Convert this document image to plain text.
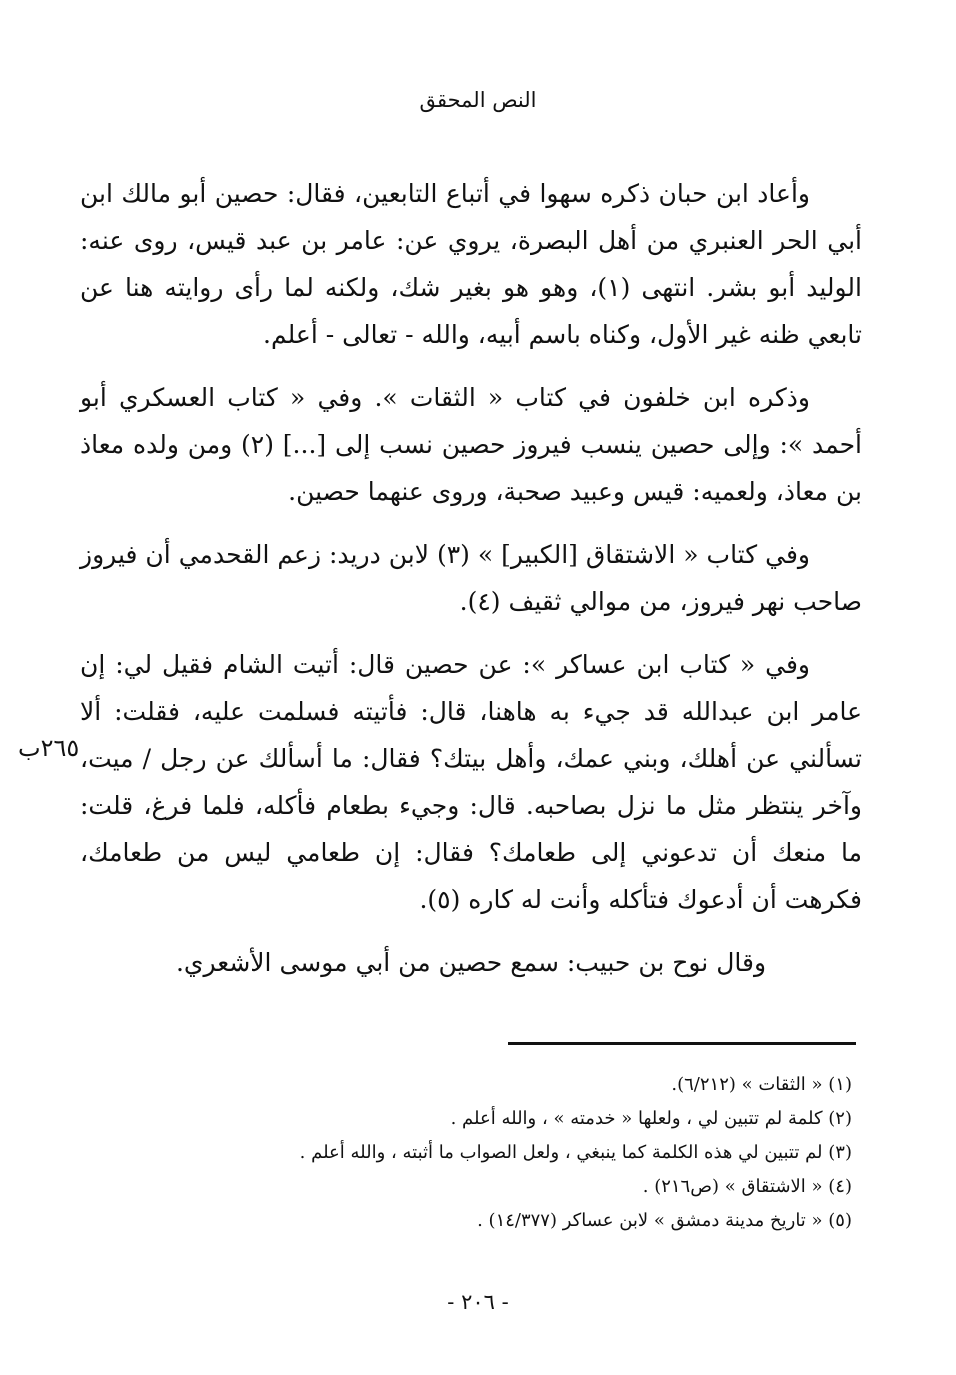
النص المحقق

وأعاد ابن حبان ذكره سهوا في أتباع التابعين، فقال: حصين أبو مالك ابن أبي الحر العنبري من أهل البصرة، يروي عن: عامر بن عبد قيس، روى عنه: الوليد أبو بشر. انتهى (١)، وهو هو بغير شك، ولكنه لما رأى روايته هنا عن تابعي ظنه غير الأول، وكناه باسم أبيه، والله - تعالى - أعلم.

وذكره ابن خلفون في كتاب « الثقات ». وفي « كتاب العسكري أبو أحمد »: وإلى حصين ينسب فيروز حصين نسب إلى [...] (٢) ومن ولده معاذ بن معاذ، ولعميه: قيس وعبيد صحبة، وروى عنهما حصين.

وفي كتاب « الاشتقاق [الكبير] » (٣) لابن دريد: زعم القحدمي أن فيروز صاحب نهر فيروز، من موالي ثقيف (٤).

وفي « كتاب ابن عساكر »: عن حصين قال: أتيت الشام فقيل لي: إن عامر ابن عبدالله قد جيء به هاهنا، قال: فأتيته فسلمت عليه، فقلت: ألا تسألني عن أهلك، وبني عمك، وأهل بيتك؟ فقال: ما أسألك عن رجل / ميت، وآخر ينتظر مثل ما نزل بصاحبه. قال: وجيء بطعام فأكله، فلما فرغ، قلت: ما منعك أن تدعوني إلى طعامك؟ فقال: إن طعامي ليس من طعامك، فكرهت أن أدعوك فتأكله وأنت له كاره (٥).

وقال نوح بن حبيب: سمع حصين من أبي موسى الأشعري.

٢٦٥ب
(١) « الثقات » (٦/٢١٢).
(٢) كلمة لم تتبين لي ، ولعلها « خدمته » ، والله أعلم .
(٣) لم تتبين لي هذه الكلمة كما ينبغي ، ولعل الصواب ما أثبته ، والله أعلم .
(٤) « الاشتقاق » (ص٢١٦) .
(٥) « تاريخ مدينة دمشق » لابن عساكر (١٤/٣٧٧) .
- ٢٠٦ -
